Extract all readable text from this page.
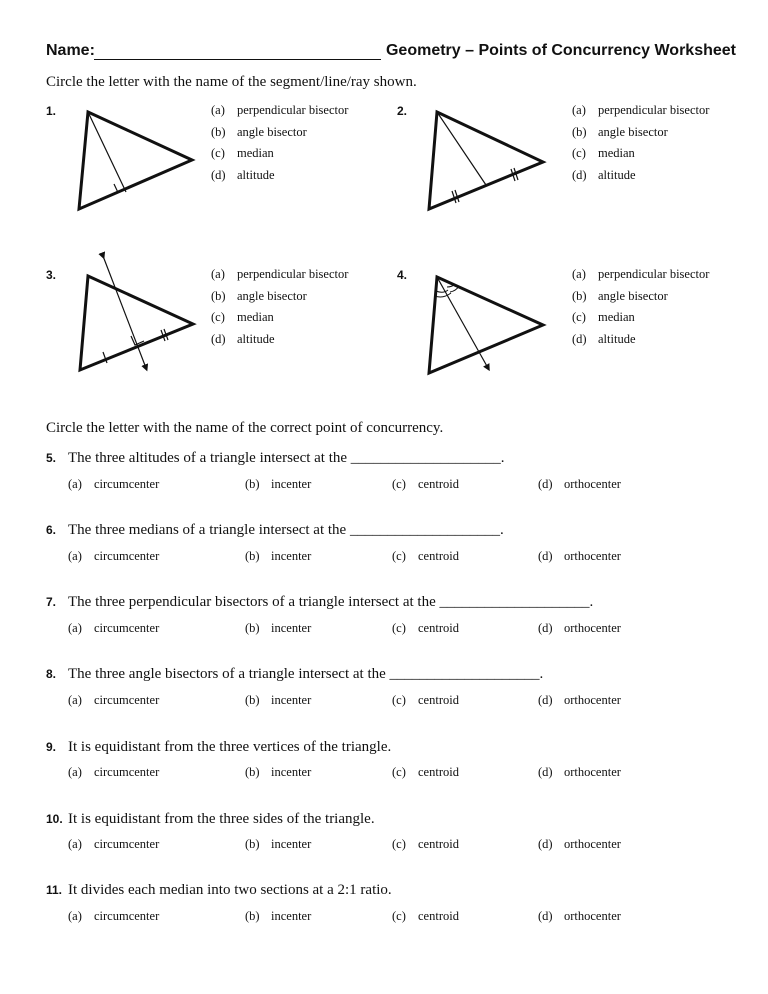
Name:	Geometry – Points of Concurrency Worksheet
Circle the letter with the name of the segment/line/ray shown.
1.	(a) perpendicular bisector
(b) angle bisector
(c) median
(d) altitude
2.	(a) perpendicular bisector
(b) angle bisector
(c) median
(d) altitude
3.	(a) perpendicular bisector
(b) angle bisector
(c) median
(d) altitude
4.	(a) perpendicular bisector
(b) angle bisector
(c) median
(d) altitude
Circle the letter with the name of the correct point of concurrency.
5. The three altitudes of a triangle intersect at the ____________________.
(a) circumcenter	(b) incenter	(c) centroid	(d) orthocenter
6. The three medians of a triangle intersect at the ____________________.
(a) circumcenter	(b) incenter	(c) centroid	(d) orthocenter
7. The three perpendicular bisectors of a triangle intersect at the ____________________.
(a) circumcenter	(b) incenter	(c) centroid	(d) orthocenter
8. The three angle bisectors of a triangle intersect at the ____________________.
(a) circumcenter	(b) incenter	(c) centroid	(d) orthocenter
9. It is equidistant from the three vertices of the triangle.
(a) circumcenter	(b) incenter	(c) centroid	(d) orthocenter
10. It is equidistant from the three sides of the triangle.
(a) circumcenter	(b) incenter	(c) centroid	(d) orthocenter
11. It divides each median into two sections at a 2:1 ratio.
(a) circumcenter	(b) incenter	(c) centroid	(d) orthocenter
